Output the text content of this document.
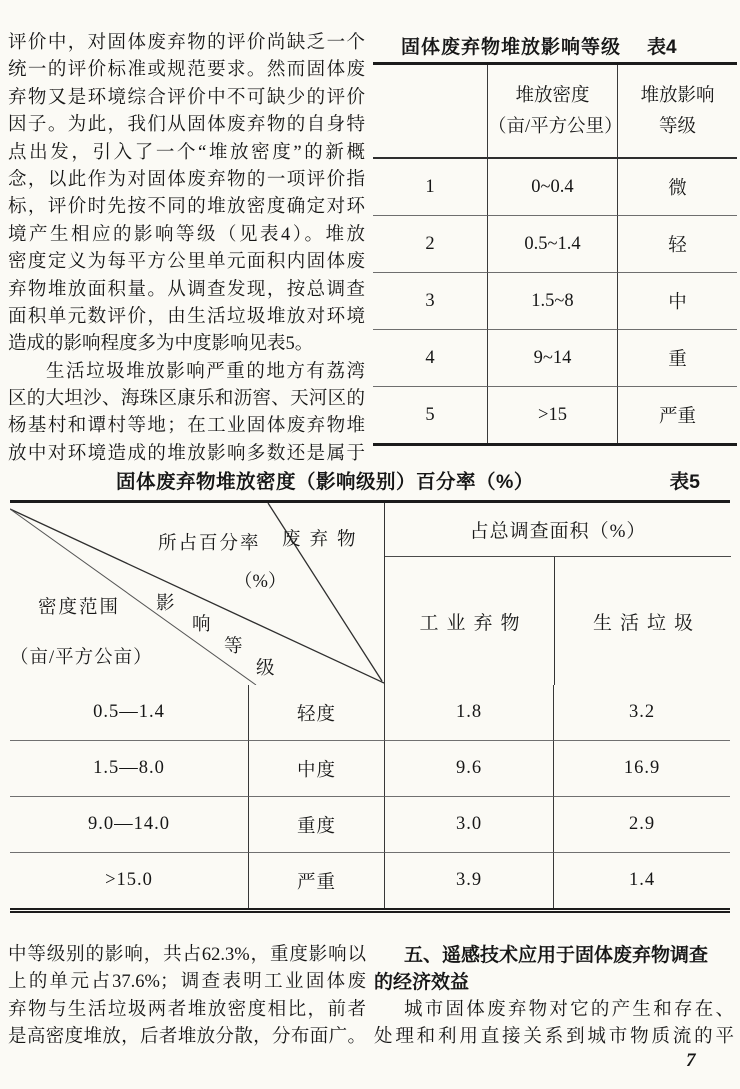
评价中，对固体废弃物的评价尚缺乏一个
统一的评价标准或规范要求。然而固体废
弃物又是环境综合评价中不可缺少的评价
因子。为此，我们从固体废弃物的自身特
点出发，引入了一个“堆放密度”的新概
念，以此作为对固体废弃物的一项评价指
标，评价时先按不同的堆放密度确定对环
境产生相应的影响等级（见表4）。堆放
密度定义为每平方公里单元面积内固体废
弃物堆放面积量。从调查发现，按总调查
面积单元数评价，由生活垃圾堆放对环境
造成的影响程度多为中度影响见表5。
生活垃圾堆放影响严重的地方有荔湾
区的大坦沙、海珠区康乐和沥窖、天河区的
杨基村和谭村等地；在工业固体废弃物堆
放中对环境造成的堆放影响多数还是属于
固体废弃物堆放影响等级 表4
堆放密度
（亩/平方公里）
堆放影响
等级
1	0~0.4	微
2	0.5~1.4	轻
3	1.5~8	中
4	9~14	重
5	>15	严重
固体废弃物堆放密度（影响级别）百分率（%）	表5
废弃物
所占百分率
（%）
影
响
等
级
密度范围
（亩/平方公亩）
占总调查面积（%）
工业弃物	生活垃圾
0.5—1.4	轻度	1.8	3.2
1.5—8.0	中度	9.6	16.9
9.0—14.0	重度	3.0	2.9
>15.0	严重	3.9	1.4
中等级别的影响，共占62.3%，重度影响以
上的单元占37.6%；调查表明工业固体废
弃物与生活垃圾两者堆放密度相比，前者
是高密度堆放，后者堆放分散，分布面广。
五、遥感技术应用于固体废弃物调查
的经济效益
城市固体废弃物对它的产生和存在、
处理和利用直接关系到城市物质流的平
7
